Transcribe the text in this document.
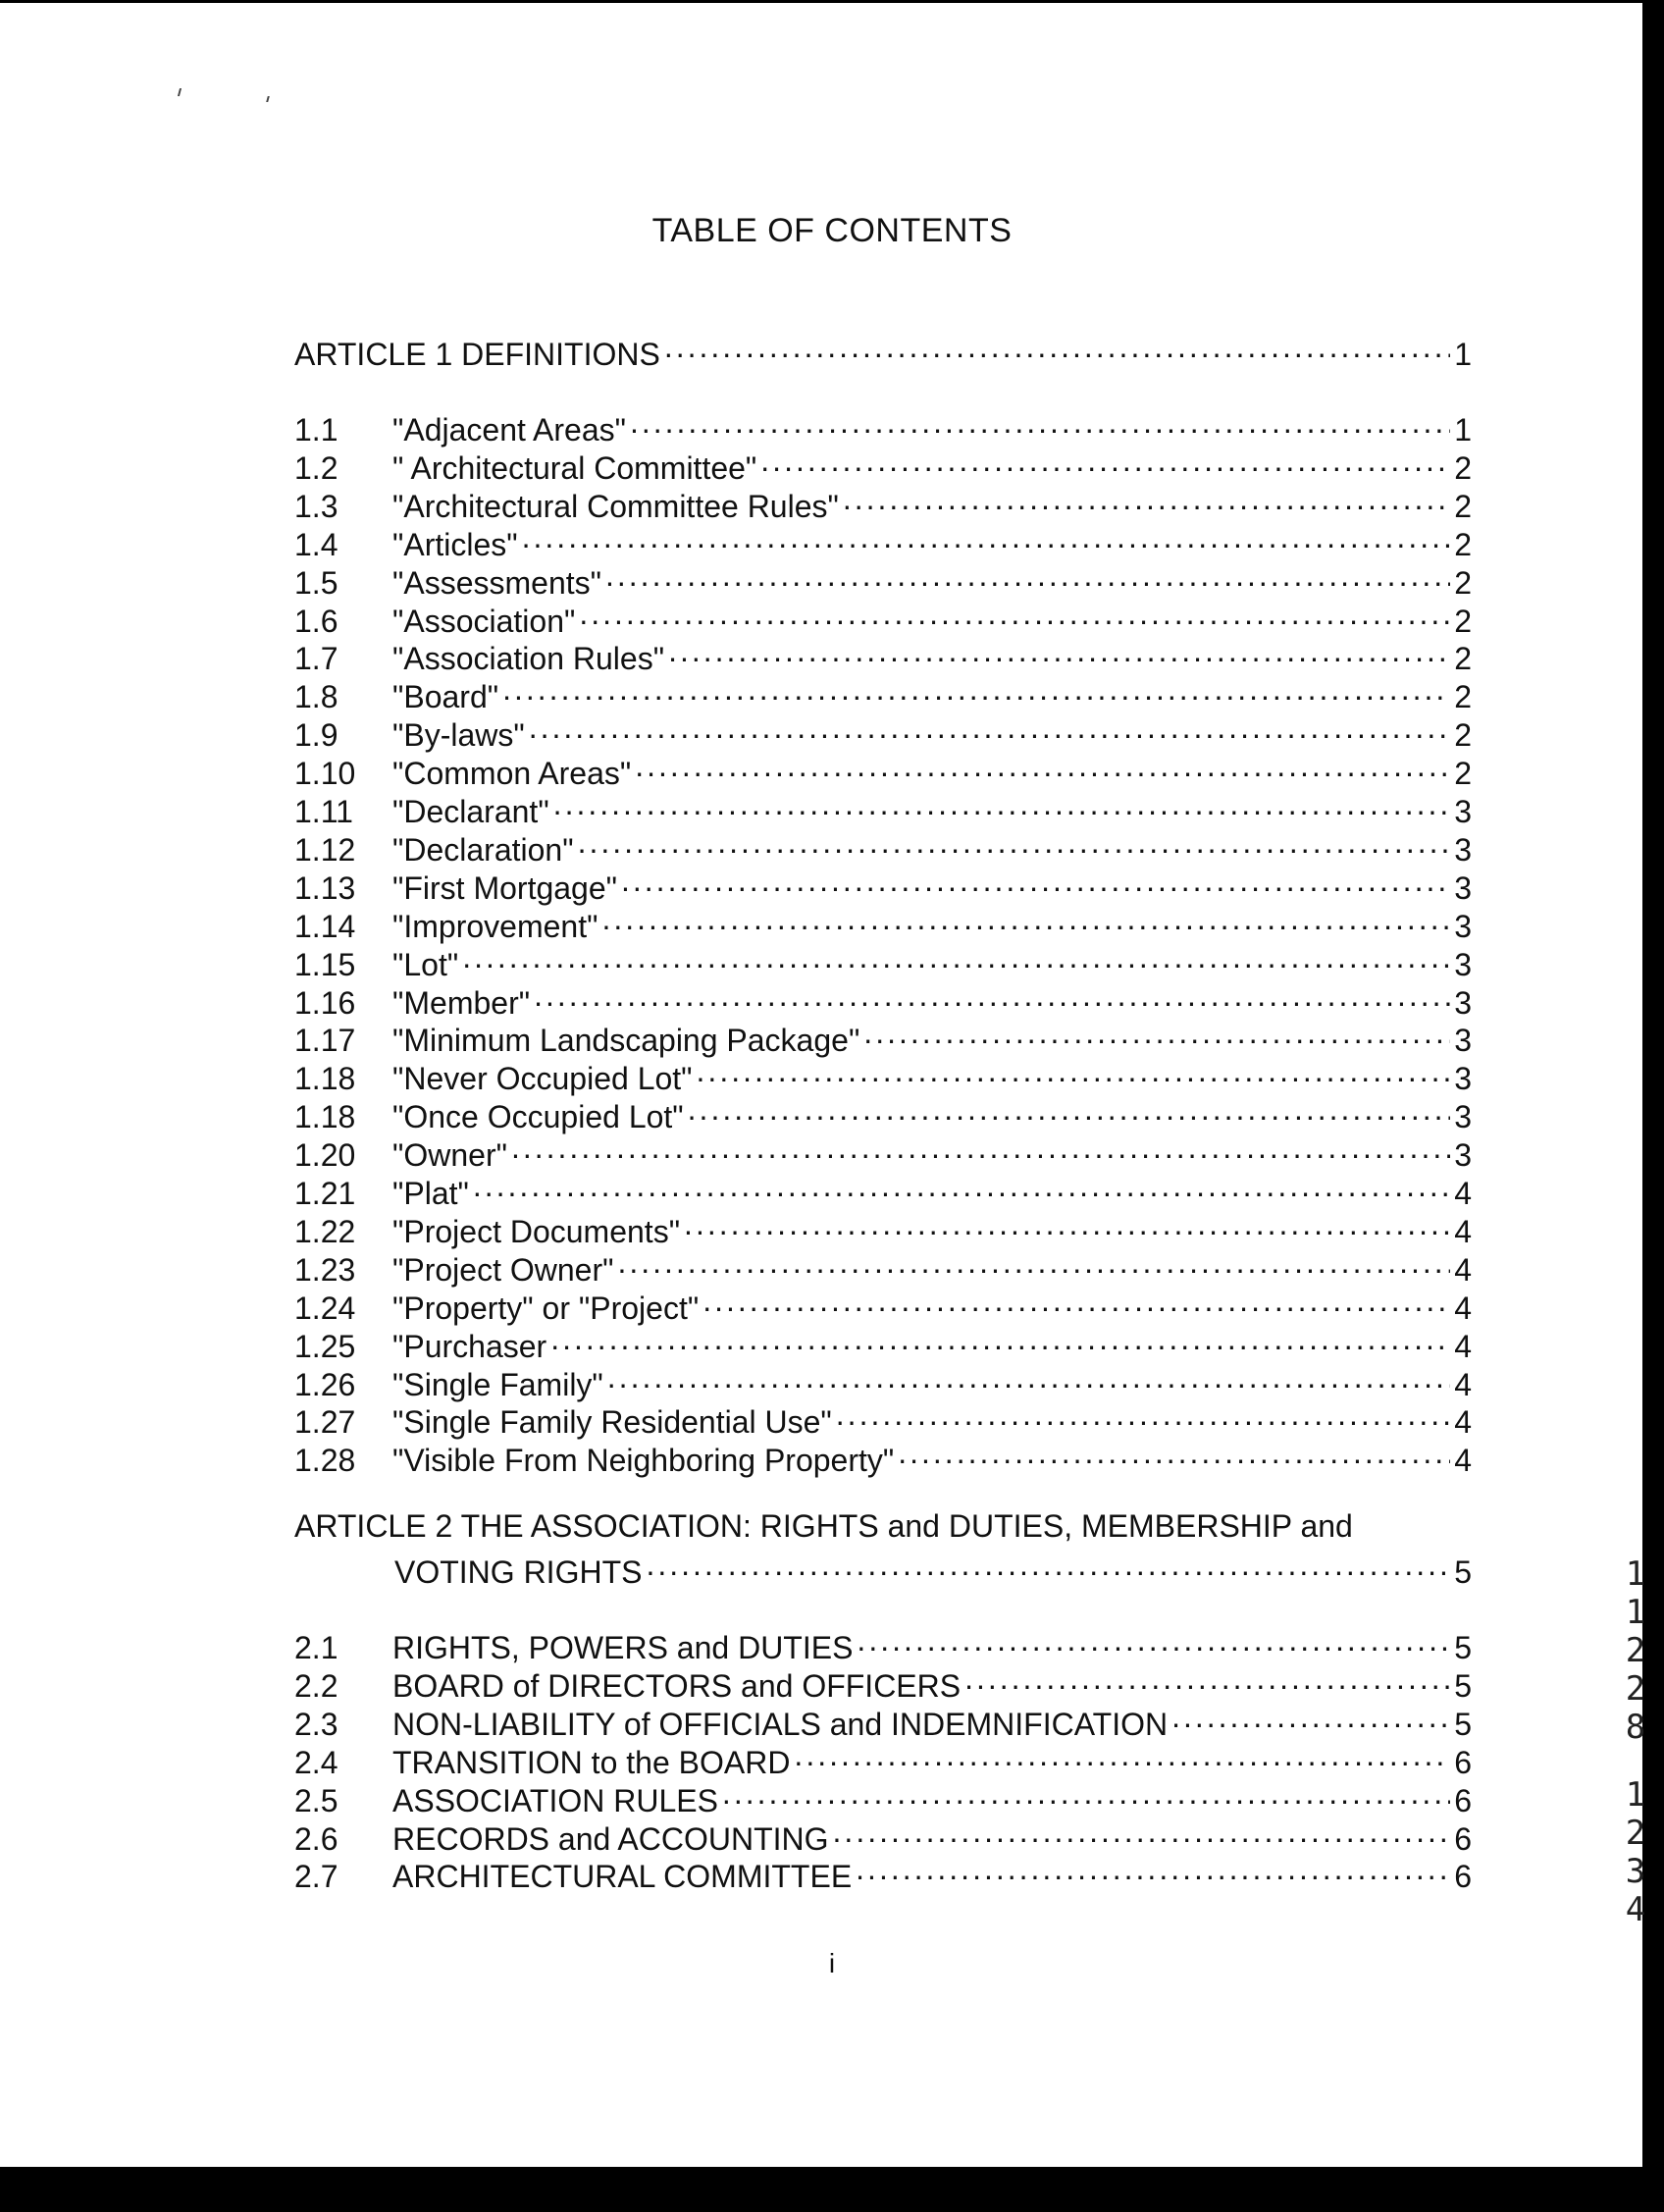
TABLE OF CONTENTS
ARTICLE 1 DEFINITIONS .....	1
1.1	"Adjacent Areas" .....	1
1.2	" Architectural Committee" .....	2
1.3	"Architectural Committee Rules" .....	2
1.4	"Articles" .....	2
1.5	"Assessments" .....	2
1.6	"Association" .....	2
1.7	"Association Rules" .....	2
1.8	"Board" .....	2
1.9	"By-laws" .....	2
1.10	"Common Areas" .....	2
1.11	"Declarant" .....	3
1.12	"Declaration" .....	3
1.13	"First Mortgage" .....	3
1.14	"Improvement" .....	3
1.15	"Lot" .....	3
1.16	"Member" .....	3
1.17	"Minimum Landscaping Package" .....	3
1.18	"Never Occupied Lot" .....	3
1.18	"Once Occupied Lot" .....	3
1.20	"Owner" .....	3
1.21	"Plat" .....	4
1.22	"Project Documents" .....	4
1.23	"Project Owner" .....	4
1.24	"Property" or "Project" .....	4
1.25	"Purchaser .....	4
1.26	"Single Family" .....	4
1.27	"Single Family Residential Use" .....	4
1.28	"Visible From Neighboring Property" .....	4
ARTICLE 2 THE ASSOCIATION: RIGHTS and DUTIES, MEMBERSHIP and
VOTING RIGHTS .....	5
2.1	RIGHTS, POWERS and DUTIES .....	5
2.2	BOARD of DIRECTORS and OFFICERS .....	5
2.3	NON-LIABILITY of OFFICIALS and INDEMNIFICATION .....	5
2.4	TRANSITION to the BOARD .....	6
2.5	ASSOCIATION RULES .....	6
2.6	RECORDS and ACCOUNTING .....	6
2.7	ARCHITECTURAL COMMITTEE .....	6
i
1
1
2
2
8
1
2
3
4
